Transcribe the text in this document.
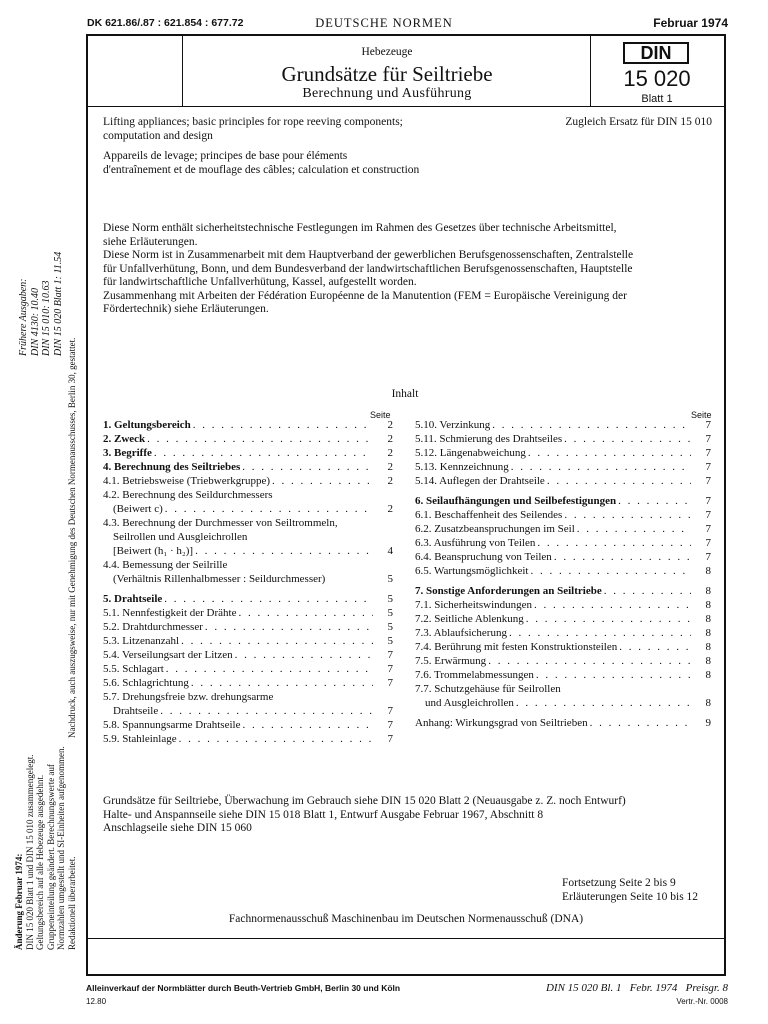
DK 621.86/.87 : 621.854 : 677.72	DEUTSCHE NORMEN	Februar 1974
Hebezeuge
Grundsätze für Seiltriebe
Berechnung und Ausführung
DIN
15 020
Blatt 1
Lifting appliances; basic principles for rope reeving components;
computation and design
Zugleich Ersatz für DIN 15 010
Appareils de levage; principes de base pour éléments
d'entraînement et de mouflage des câbles; calculation et construction
Diese Norm enthält sicherheitstechnische Festlegungen im Rahmen des Gesetzes über technische Arbeitsmittel,
siehe Erläuterungen.
Diese Norm ist in Zusammenarbeit mit dem Hauptverband der gewerblichen Berufsgenossenschaften, Zentralstelle
für Unfallverhütung, Bonn, und dem Bundesverband der landwirtschaftlichen Berufsgenossenschaften, Hauptstelle
für landwirtschaftliche Unfallverhütung, Kassel, aufgestellt worden.
Zusammenhang mit Arbeiten der Fédération Européenne de la Manutention (FEM = Europäische Vereinigung der
Fördertechnik) siehe Erläuterungen.
Inhalt
Seite	Seite
1. Geltungsbereich . . .	2
2. Zweck . . .	2
3. Begriffe . . .	2
4. Berechnung des Seiltriebes . . .	2
4.1. Betriebsweise (Triebwerkgruppe) . . .	2
4.2. Berechnung des Seildurchmessers
(Beiwert c) . . .	2
4.3. Berechnung der Durchmesser von Seiltrommeln,
Seilrollen und Ausgleichrollen
[Beiwert (h₁ · h₂)] . . .	4
4.4. Bemessung der Seilrille
(Verhältnis Rillenhalbmesser : Seildurchmesser)	5
5. Drahtseile . . .	5
5.1. Nennfestigkeit der Drähte . . .	5
5.2. Drahtdurchmesser . . .	5
5.3. Litzenanzahl . . .	5
5.4. Verseilungsart der Litzen . . .	7
5.5. Schlagart . . .	7
5.6. Schlagrichtung . . .	7
5.7. Drehungsfreie bzw. drehungsarme
Drahtseile . . .	7
5.8. Spannungsarme Drahtseile . . .	7
5.9. Stahleinlage . . .	7
5.10. Verzinkung . . .	7
5.11. Schmierung des Drahtseiles . . .	7
5.12. Längenabweichung . . .	7
5.13. Kennzeichnung . . .	7
5.14. Auflegen der Drahtseile . . .	7
6. Seilaufhängungen und Seilbefestigungen . . .	7
6.1. Beschaffenheit des Seilendes . . .	7
6.2. Zusatzbeanspruchungen im Seil . . .	7
6.3. Ausführung von Teilen . . .	7
6.4. Beanspruchung von Teilen . . .	7
6.5. Wartungsmöglichkeit . . .	8
7. Sonstige Anforderungen an Seiltriebe . . .	8
7.1. Sicherheitswindungen . . .	8
7.2. Seitliche Ablenkung . . .	8
7.3. Ablaufsicherung . . .	8
7.4. Berührung mit festen Konstruktionsteilen . . .	8
7.5. Erwärmung . . .	8
7.6. Trommelabmessungen . . .	8
7.7. Schutzgehäuse für Seilrollen
und Ausgleichrollen . . .	8
Anhang: Wirkungsgrad von Seiltrieben . . .	9
Grundsätze für Seiltriebe, Überwachung im Gebrauch siehe DIN 15 020 Blatt 2 (Neuausgabe z. Z. noch Entwurf)
Halte- und Anspannseile siehe DIN 15 018 Blatt 1, Entwurf Ausgabe Februar 1967, Abschnitt 8
Anschlagseile siehe DIN 15 060
Fortsetzung Seite 2 bis 9
Erläuterungen Seite 10 bis 12
Fachnormenausschuß Maschinenbau im Deutschen Normenausschuß (DNA)
Alleinverkauf der Normblätter durch Beuth-Vertrieb GmbH, Berlin 30 und Köln
12.80
DIN 15 020 Bl. 1   Febr. 1974   Preisgr. 8
Vertr.-Nr. 0008
Frühere Ausgaben: DIN 4130: 10.40 DIN 15 010: 10.63 DIN 15 020 Blatt 1: 11.54
Nachdruck, auch auszugsweise, nur mit Genehmigung des Deutschen Normenausschusses, Berlin 30, gestattet.
Änderung Februar 1974: DIN 15 020 Blatt 1 und DIN 15 010 zusammengelegt. Geltungsbereich auf alle Hebezeuge ausgedehnt. Gruppeneinteilung geändert. Berechnungswerte auf Normzahlen umgestellt und SI-Einheiten aufgenommen. Redaktionell überarbeitet.
